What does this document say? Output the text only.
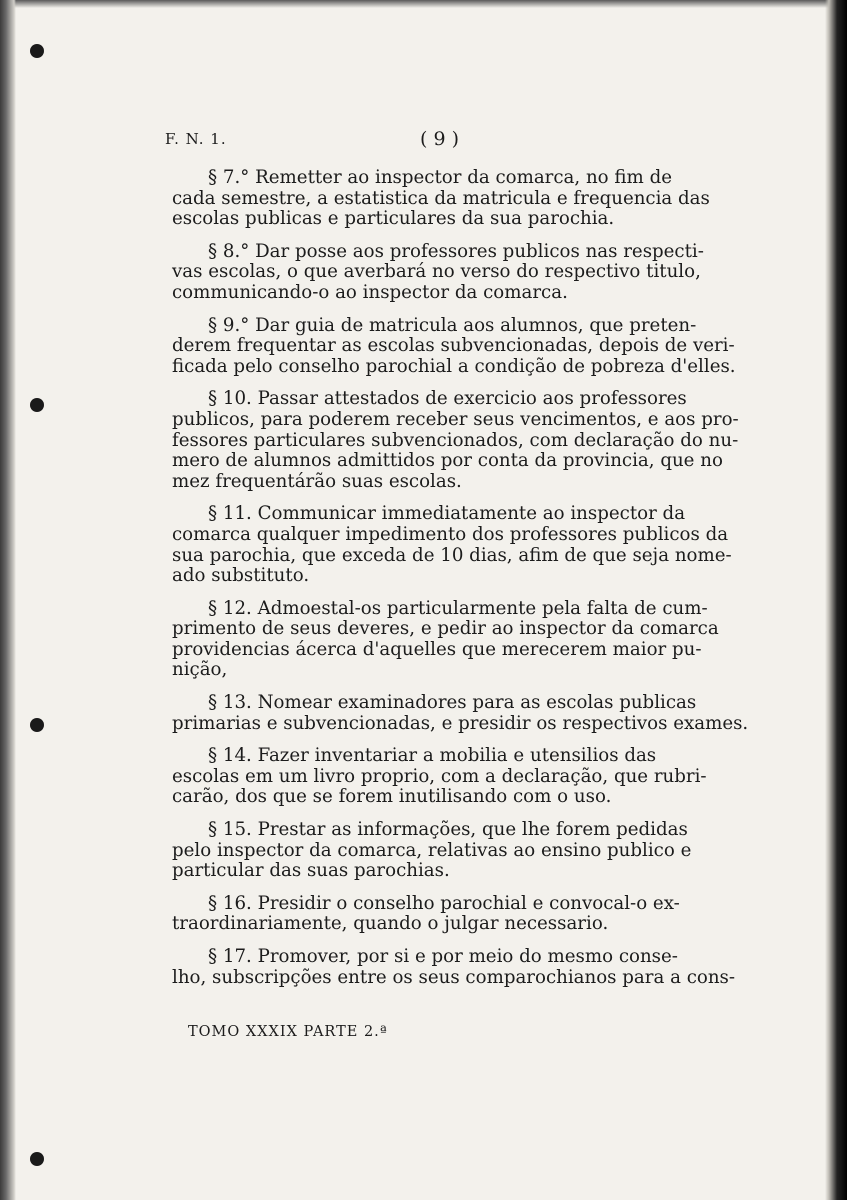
F. N. 1.	( 9 )

§ 7.° Remetter ao inspector da comarca, no fim de
cada semestre, a estatistica da matricula e frequencia das
escolas publicas e particulares da sua parochia.

§ 8.° Dar posse aos professores publicos nas respecti-
vas escolas, o que averbará no verso do respectivo titulo,
communicando-o ao inspector da comarca.

§ 9.° Dar guia de matricula aos alumnos, que preten-
derem frequentar as escolas subvencionadas, depois de veri-
ficada pelo conselho parochial a condição de pobreza d'elles.

§ 10. Passar attestados de exercicio aos professores
publicos, para poderem receber seus vencimentos, e aos pro-
fessores particulares subvencionados, com declaração do nu-
mero de alumnos admittidos por conta da provincia, que no
mez frequentárão suas escolas.

§ 11. Communicar immediatamente ao inspector da
comarca qualquer impedimento dos professores publicos da
sua parochia, que exceda de 10 dias, afim de que seja nome-
ado substituto.

§ 12. Admoestal-os particularmente pela falta de cum-
primento de seus deveres, e pedir ao inspector da comarca
providencias ácerca d'aquelles que merecerem maior pu-
nição,

§ 13. Nomear examinadores para as escolas publicas
primarias e subvencionadas, e presidir os respectivos exames.

§ 14. Fazer inventariar a mobilia e utensilios das
escolas em um livro proprio, com a declaração, que rubri-
carão, dos que se forem inutilisando com o uso.

§ 15. Prestar as informações, que lhe forem pedidas
pelo inspector da comarca, relativas ao ensino publico e
particular das suas parochias.

§ 16. Presidir o conselho parochial e convocal-o ex-
traordinariamente, quando o julgar necessario.

§ 17. Promover, por si e por meio do mesmo conse-
lho, subscripções entre os seus comparochianos para a cons-

TOMO XXXIX PARTE 2.ª
